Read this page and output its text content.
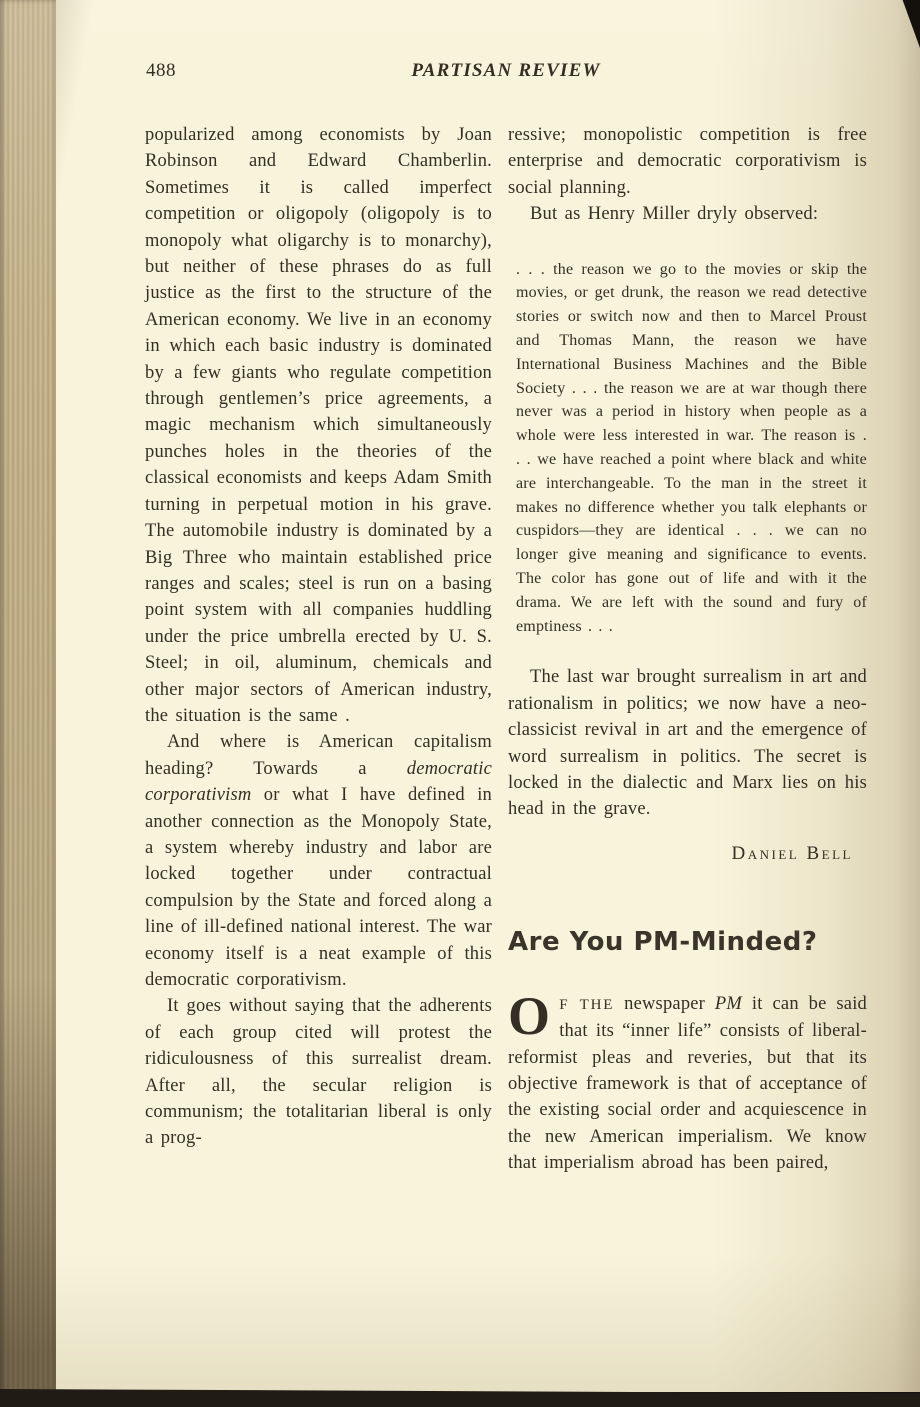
488	PARTISAN REVIEW

popularized among economists by Joan Robinson and Edward Chamberlin. Sometimes it is called imperfect competition or oligopoly (oligopoly is to monopoly what oligarchy is to monarchy), but neither of these phrases do as full justice as the first to the structure of the American economy. We live in an economy in which each basic industry is dominated by a few giants who regulate competition through gentlemen’s price agreements, a magic mechanism which simultaneously punches holes in the theories of the classical economists and keeps Adam Smith turning in perpetual motion in his grave. The automobile industry is dominated by a Big Three who maintain established price ranges and scales; steel is run on a basing point system with all companies huddling under the price umbrella erected by U. S. Steel; in oil, aluminum, chemicals and other major sectors of American industry, the situation is the same .

And where is American capitalism heading? Towards a democratic corporativism or what I have defined in another connection as the Monopoly State, a system whereby industry and labor are locked together under contractual compulsion by the State and forced along a line of ill-defined national interest. The war economy itself is a neat example of this democratic corporativism.

It goes without saying that the adherents of each group cited will protest the ridiculousness of this surrealist dream. After all, the secular religion is communism; the totalitarian liberal is only a prog-

ressive; monopolistic competition is free enterprise and democratic corporativism is social planning.

But as Henry Miller dryly observed:

. . . the reason we go to the movies or skip the movies, or get drunk, the reason we read detective stories or switch now and then to Marcel Proust and Thomas Mann, the reason we have International Business Machines and the Bible Society . . . the reason we are at war though there never was a period in history when people as a whole were less interested in war. The reason is . . . we have reached a point where black and white are interchangeable. To the man in the street it makes no difference whether you talk elephants or cuspidors—they are identical . . . we can no longer give meaning and significance to events. The color has gone out of life and with it the drama. We are left with the sound and fury of emptiness . . .

The last war brought surrealism in art and rationalism in politics; we now have a neo-classicist revival in art and the emergence of word surrealism in politics. The secret is locked in the dialectic and Marx lies on his head in the grave.

Daniel Bell
Are You PM-Minded?

O F THE newspaper PM it can be said that its “inner life” consists of liberal-reformist pleas and reveries, but that its objective framework is that of acceptance of the existing social order and acquiescence in the new American imperialism. We know that imperialism abroad has been paired,
